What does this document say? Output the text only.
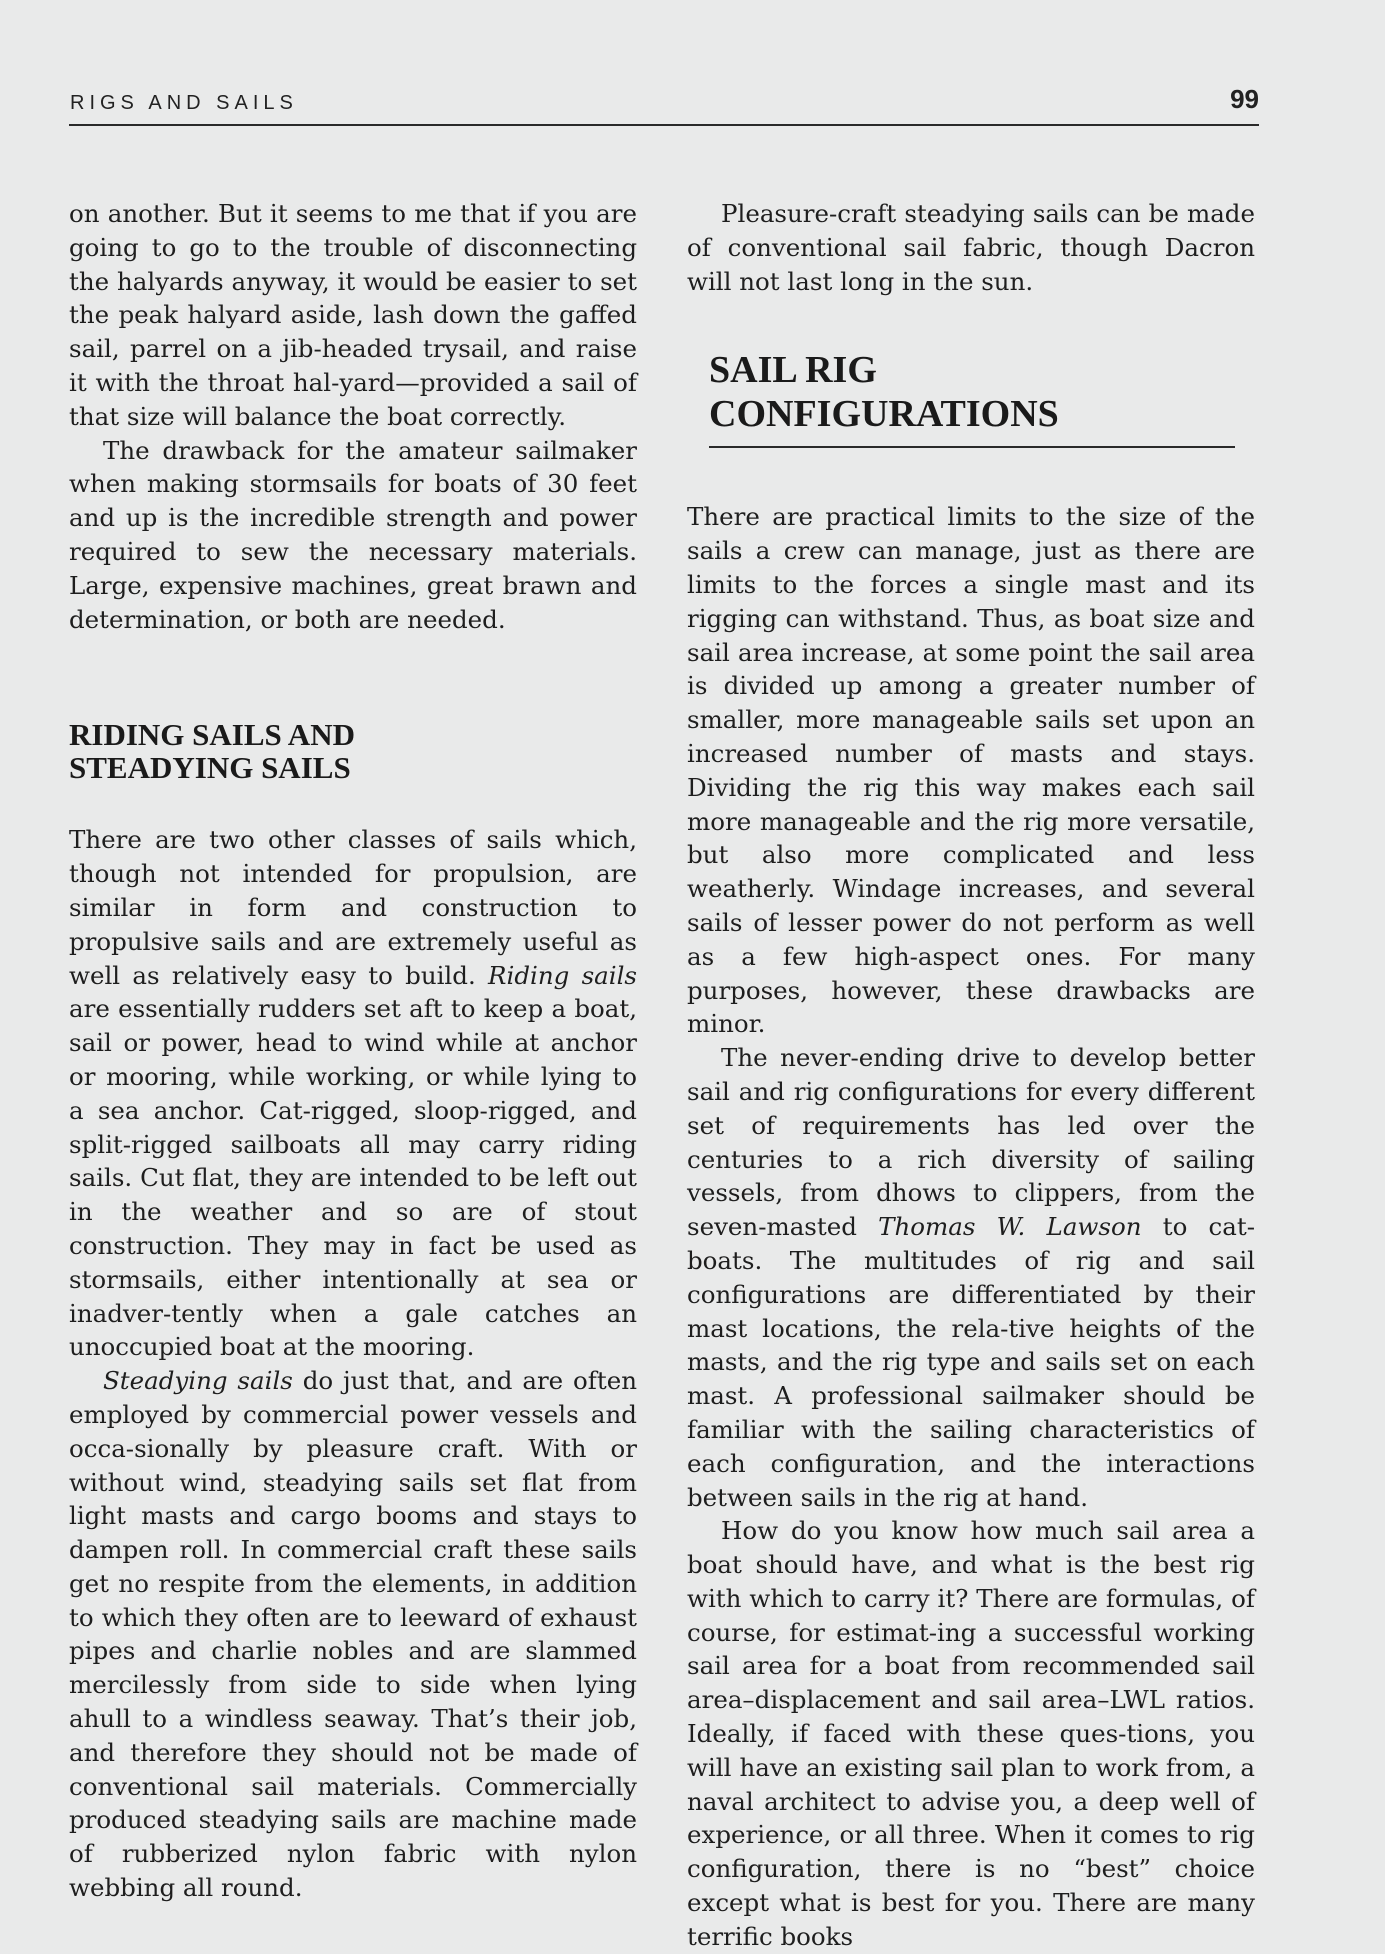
RIGS AND SAILS	99

on another. But it seems to me that if you are going to go to the trouble of disconnecting the halyards anyway, it would be easier to set the peak halyard aside, lash down the gaffed sail, parrel on a jib-headed trysail, and raise it with the throat hal-yard—provided a sail of that size will balance the boat correctly.

The drawback for the amateur sailmaker when making stormsails for boats of 30 feet and up is the incredible strength and power required to sew the necessary materials. Large, expensive machines, great brawn and determination, or both are needed.

RIDING SAILS AND
STEADYING SAILS

There are two other classes of sails which, though not intended for propulsion, are similar in form and construction to propulsive sails and are extremely useful as well as relatively easy to build. Riding sails are essentially rudders set aft to keep a boat, sail or power, head to wind while at anchor or mooring, while working, or while lying to a sea anchor. Cat-rigged, sloop-rigged, and split-rigged sailboats all may carry riding sails. Cut flat, they are intended to be left out in the weather and so are of stout construction. They may in fact be used as stormsails, either intentionally at sea or inadver-tently when a gale catches an unoccupied boat at the mooring.

Steadying sails do just that, and are often employed by commercial power vessels and occa-sionally by pleasure craft. With or without wind, steadying sails set flat from light masts and cargo booms and stays to dampen roll. In commercial craft these sails get no respite from the elements, in addition to which they often are to leeward of exhaust pipes and charlie nobles and are slammed mercilessly from side to side when lying ahull to a windless seaway. That’s their job, and therefore they should not be made of conventional sail materials. Commercially produced steadying sails are machine made of rubberized nylon fabric with nylon webbing all round.

Pleasure-craft steadying sails can be made of conventional sail fabric, though Dacron will not last long in the sun.

SAIL RIG CONFIGURATIONS

There are practical limits to the size of the sails a crew can manage, just as there are limits to the forces a single mast and its rigging can withstand. Thus, as boat size and sail area increase, at some point the sail area is divided up among a greater number of smaller, more manageable sails set upon an increased number of masts and stays. Dividing the rig this way makes each sail more manageable and the rig more versatile, but also more complicated and less weatherly. Windage increases, and several sails of lesser power do not perform as well as a few high-aspect ones. For many purposes, however, these drawbacks are minor.

The never-ending drive to develop better sail and rig configurations for every different set of requirements has led over the centuries to a rich diversity of sailing vessels, from dhows to clippers, from the seven-masted Thomas W. Lawson to cat-boats. The multitudes of rig and sail configurations are differentiated by their mast locations, the rela-tive heights of the masts, and the rig type and sails set on each mast. A professional sailmaker should be familiar with the sailing characteristics of each configuration, and the interactions between sails in the rig at hand.

How do you know how much sail area a boat should have, and what is the best rig with which to carry it? There are formulas, of course, for estimat-ing a successful working sail area for a boat from recommended sail area–displacement and sail area–LWL ratios. Ideally, if faced with these ques-tions, you will have an existing sail plan to work from, a naval architect to advise you, a deep well of experience, or all three. When it comes to rig configuration, there is no “best” choice except what is best for you. There are many terrific books
